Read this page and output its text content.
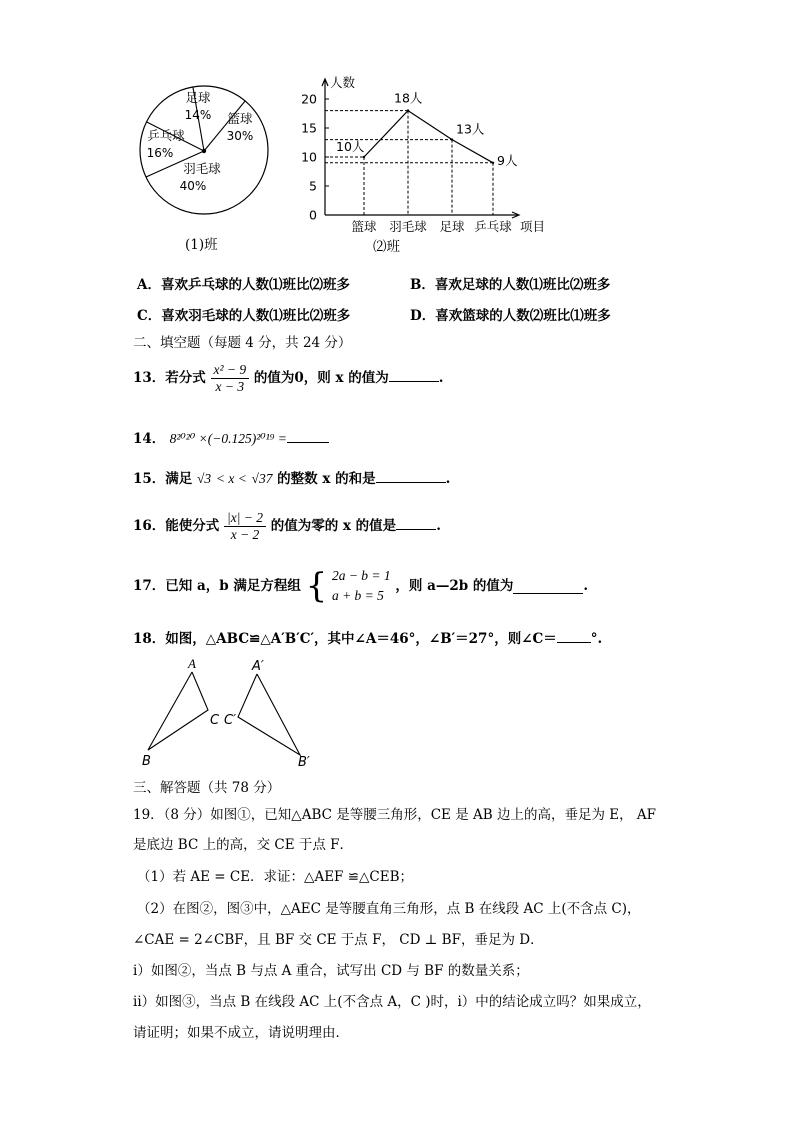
足球
14% 篮球
30%
乒乓球
16%
羽毛球
40%
(1)班
0
5
10
15
20
人数
篮球 羽毛球 足球 乒乓球 项目
10人
18人
13人
9人
⑵班
A．喜欢乒乓球的人数⑴班比⑵班多	B．喜欢足球的人数⑴班比⑵班多
C．喜欢羽毛球的人数⑴班比⑵班多	D．喜欢篮球的人数⑵班比⑴班多
二、填空题（每题 4 分，共 24 分）
13．若分式 $\frac{\text{x² − 9}}{x - 3}$ 的值为0，则 x 的值为	.
14． 8²⁰²⁰ ×(−0.125)²⁰¹⁹ =
15．满足 √3 < x < √37 的整数 x 的和是	.
16．能使分式 $\frac{|x| - 2}{x - 2}$ 的值为零的 x 的值是	.
17．已知 a，b 满足方程组 { 2a − b = 1
a + b = 5
，则 a—2b 的值为	.
18．如图，△ABC≌△A′B′C′，其中∠A＝46°，∠B′＝27°，则∠C＝	°.
A
B
C
A′
B′
C′
三、解答题（共 78 分）
19．（8 分）如图①，已知△ABC 是等腰三角形，CE 是 AB 边上的高，垂足为 E， AF
是底边 BC 上的高，交 CE 于点 F．
（1）若 AE = CE．求证：△AEF ≌△CEB；
（2）在图②，图③中，△AEC 是等腰直角三角形，点 B 在线段 AC 上(不含点 C)，
∠CAE = 2∠CBF，且 BF 交 CE 于点 F， CD ⊥ BF，垂足为 D．
ⅰ）如图②，当点 B 与点 A 重合，试写出 CD 与 BF 的数量关系；
ⅱ）如图③，当点 B 在线段 AC 上(不含点 A，C )时，ⅰ）中的结论成立吗？如果成立，
请证明；如果不成立，请说明理由．
